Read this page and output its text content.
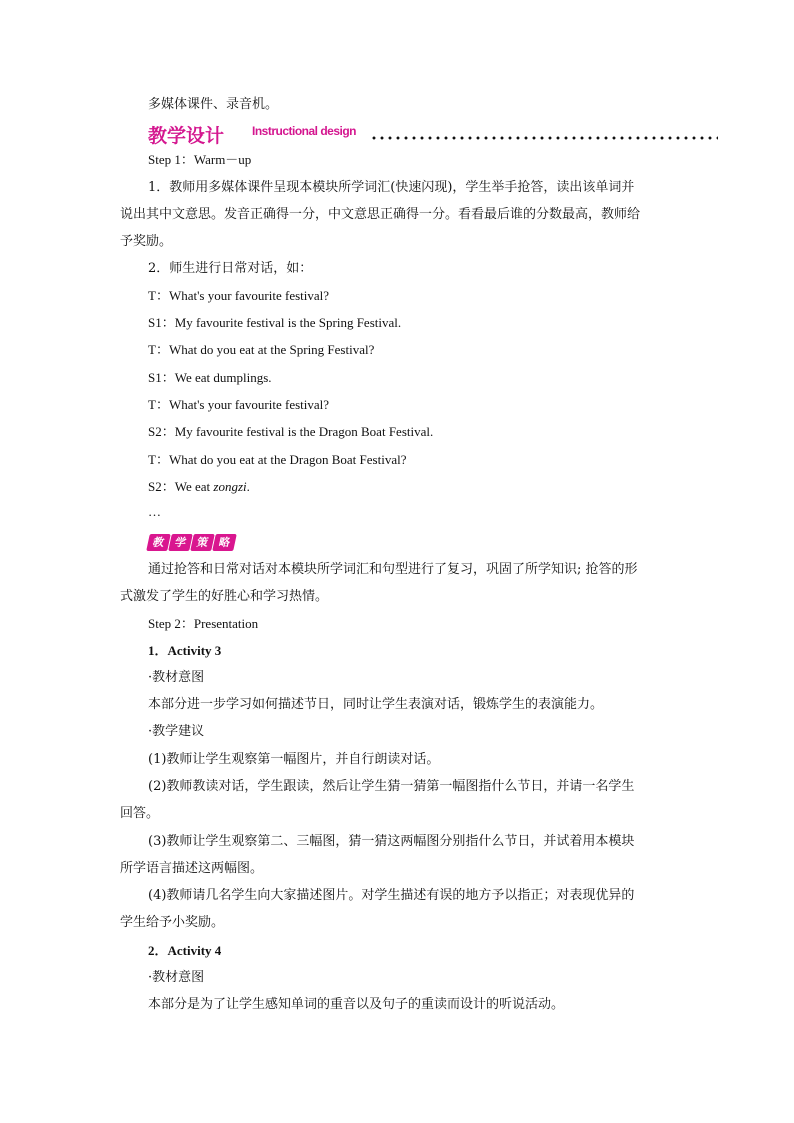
多媒体课件、录音机。
教学设计 Instructional design
Step 1：Warm－up
1．教师用多媒体课件呈现本模块所学词汇(快速闪现)，学生举手抢答，读出该单词并
说出其中文意思。发音正确得一分，中文意思正确得一分。看看最后谁的分数最高，教师给
予奖励。
2．师生进行日常对话，如：
T：What's your favourite festival?
S1：My favourite festival is the Spring Festival.
T：What do you eat at the Spring Festival?
S1：We eat dumplings.
T：What's your favourite festival?
S2：My favourite festival is the Dragon Boat Festival.
T：What do you eat at the Dragon Boat Festival?
S2：We eat zongzi.
…
教 学 策 略
通过抢答和日常对话对本模块所学词汇和句型进行了复习，巩固了所学知识; 抢答的形
式激发了学生的好胜心和学习热情。
Step 2：Presentation
1．Activity 3
·教材意图
本部分进一步学习如何描述节日，同时让学生表演对话，锻炼学生的表演能力。
·教学建议
(1)教师让学生观察第一幅图片，并自行朗读对话。
(2)教师教读对话，学生跟读，然后让学生猜一猜第一幅图指什么节日，并请一名学生
回答。
(3)教师让学生观察第二、三幅图，猜一猜这两幅图分别指什么节日，并试着用本模块
所学语言描述这两幅图。
(4)教师请几名学生向大家描述图片。对学生描述有误的地方予以指正；对表现优异的
学生给予小奖励。
2．Activity 4
·教材意图
本部分是为了让学生感知单词的重音以及句子的重读而设计的听说活动。
